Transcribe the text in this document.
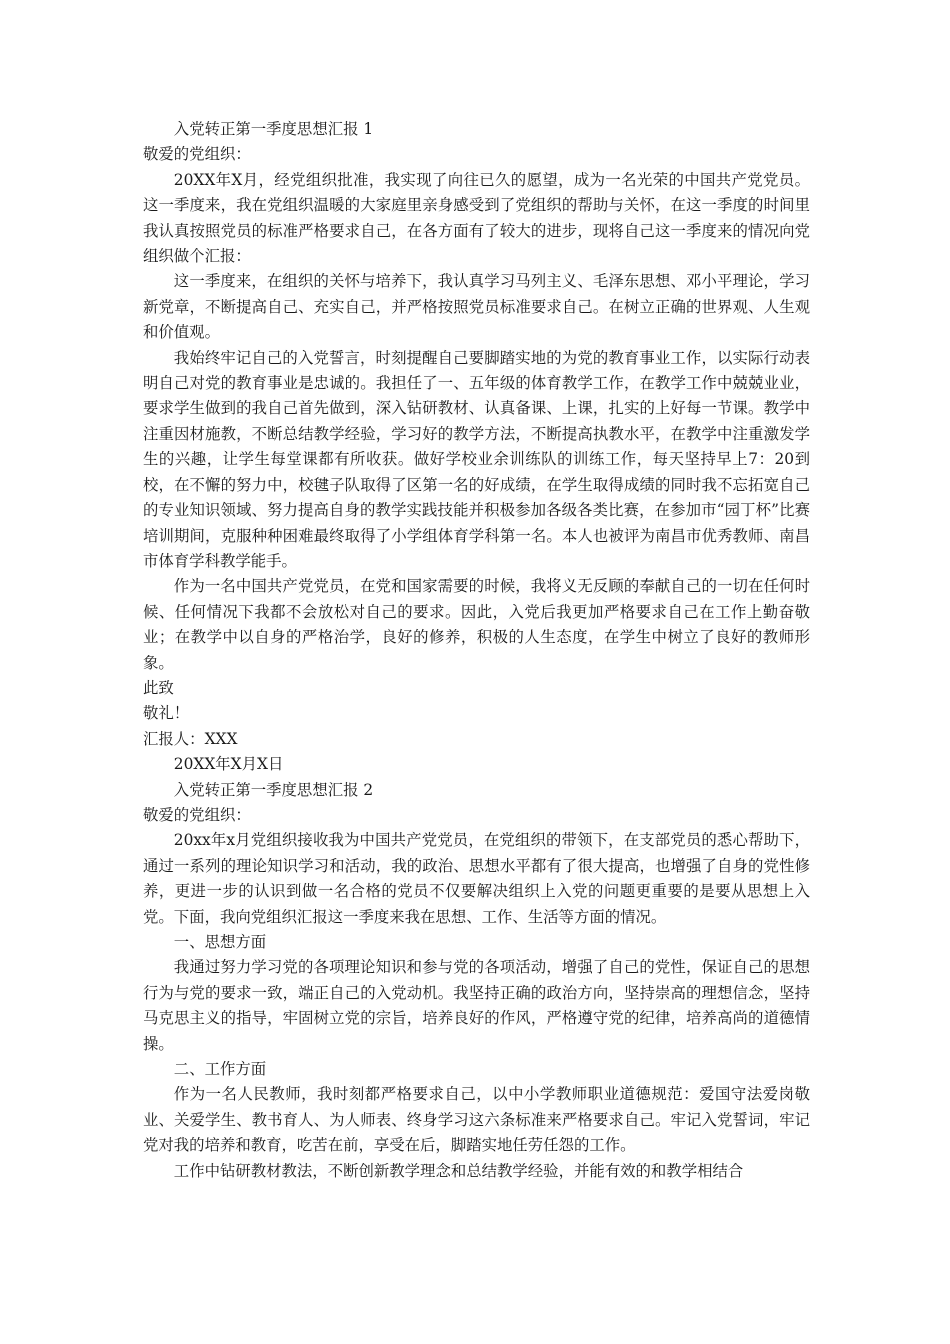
入党转正第一季度思想汇报 1

敬爱的党组织：

20XX年X月，经党组织批准，我实现了向往已久的愿望，成为一名光荣的中国共产党党员。这一季度来，我在党组织温暖的大家庭里亲身感受到了党组织的帮助与关怀，在这一季度的时间里我认真按照党员的标准严格要求自己，在各方面有了较大的进步，现将自己这一季度来的情况向党组织做个汇报：

这一季度来，在组织的关怀与培养下，我认真学习马列主义、毛泽东思想、邓小平理论，学习新党章，不断提高自己、充实自己，并严格按照党员标准要求自己。在树立正确的世界观、人生观和价值观。

我始终牢记自己的入党誓言，时刻提醒自己要脚踏实地的为党的教育事业工作，以实际行动表明自己对党的教育事业是忠诚的。我担任了一、五年级的体育教学工作，在教学工作中兢兢业业，要求学生做到的我自己首先做到，深入钻研教材、认真备课、上课，扎实的上好每一节课。教学中注重因材施教，不断总结教学经验，学习好的教学方法，不断提高执教水平，在教学中注重激发学生的兴趣，让学生每堂课都有所收获。做好学校业余训练队的训练工作，每天坚持早上7：20到校，在不懈的努力中，校毽子队取得了区第一名的好成绩，在学生取得成绩的同时我不忘拓宽自己的专业知识领域、努力提高自身的教学实践技能并积极参加各级各类比赛，在参加市“园丁杯”比赛培训期间，克服种种困难最终取得了小学组体育学科第一名。本人也被评为南昌市优秀教师、南昌市体育学科教学能手。

作为一名中国共产党党员，在党和国家需要的时候，我将义无反顾的奉献自己的一切在任何时候、任何情况下我都不会放松对自己的要求。因此，入党后我更加严格要求自己在工作上勤奋敬业；在教学中以自身的严格治学，良好的修养，积极的人生态度，在学生中树立了良好的教师形象。

此致

敬礼！

汇报人：XXX

20XX年X月X日

入党转正第一季度思想汇报 2

敬爱的党组织：

20xx年x月党组织接收我为中国共产党党员，在党组织的带领下，在支部党员的悉心帮助下，通过一系列的理论知识学习和活动，我的政治、思想水平都有了很大提高，也增强了自身的党性修养，更进一步的认识到做一名合格的党员不仅要解决组织上入党的问题更重要的是要从思想上入党。下面，我向党组织汇报这一季度来我在思想、工作、生活等方面的情况。

一、思想方面

我通过努力学习党的各项理论知识和参与党的各项活动，增强了自己的党性，保证自己的思想行为与党的要求一致，端正自己的入党动机。我坚持正确的政治方向，坚持崇高的理想信念，坚持马克思主义的指导，牢固树立党的宗旨，培养良好的作风，严格遵守党的纪律，培养高尚的道德情操。

二、工作方面

作为一名人民教师，我时刻都严格要求自己，以中小学教师职业道德规范：爱国守法爱岗敬业、关爱学生、教书育人、为人师表、终身学习这六条标准来严格要求自己。牢记入党誓词，牢记党对我的培养和教育，吃苦在前，享受在后，脚踏实地任劳任怨的工作。

工作中钻研教材教法，不断创新教学理念和总结教学经验，并能有效的和教学相结合
